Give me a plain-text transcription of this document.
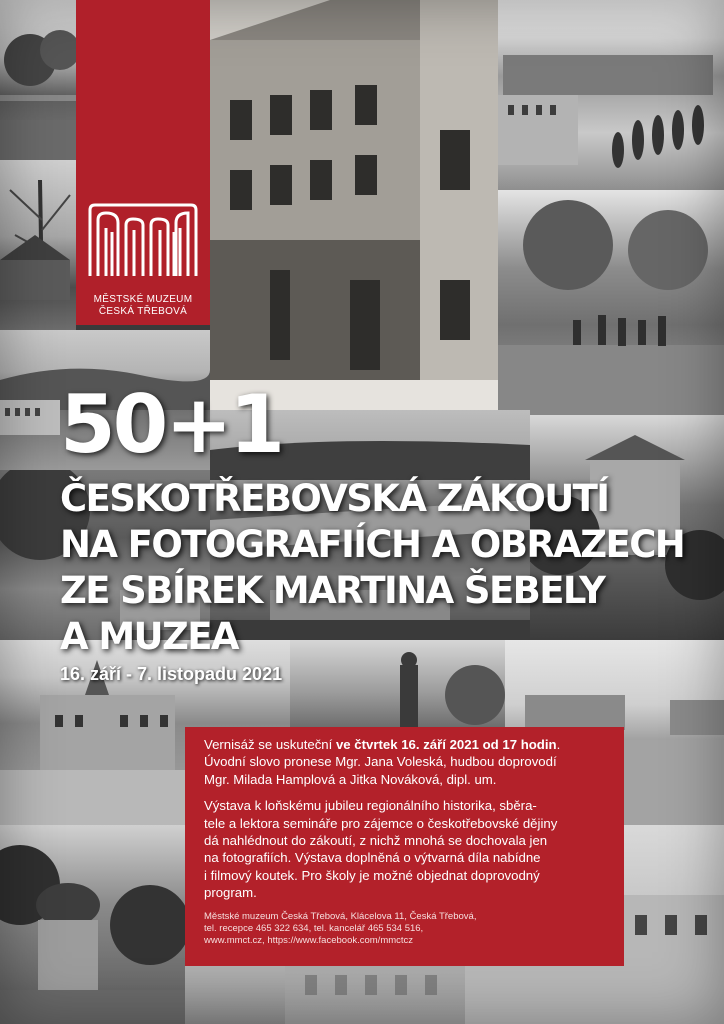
MĚSTSKÉ MUZEUM
ČESKÁ TŘEBOVÁ
50+1
ČESKOTŘEBOVSKÁ ZÁKOUTÍ
NA FOTOGRAFIÍCH A OBRAZECH
ZE SBÍREK MARTINA ŠEBELY
A MUZEA
16. září - 7. listopadu 2021

Vernisáž se uskuteční ve čtvrtek 16. září 2021 od 17 hodin.

Úvodní slovo pronese Mgr. Jana Voleská, hudbou doprovodí

Mgr. Milada Hamplová a Jitka Nováková, dipl. um.

Výstava k loňskému jubileu regionálního historika, sběra-

tele a lektora semináře pro zájemce o českotřebovské dějiny

dá nahlédnout do zákoutí, z nichž mnohá se dochovala jen

na fotografiích. Výstava doplněná o výtvarná díla nabídne

i filmový koutek. Pro školy je možné objednat doprovodný

program.

Městské muzeum Česká Třebová, Klácelova 11, Česká Třebová,
tel. recepce 465 322 634, tel. kancelář 465 534 516,
www.mmct.cz, https://www.facebook.com/mmctcz
